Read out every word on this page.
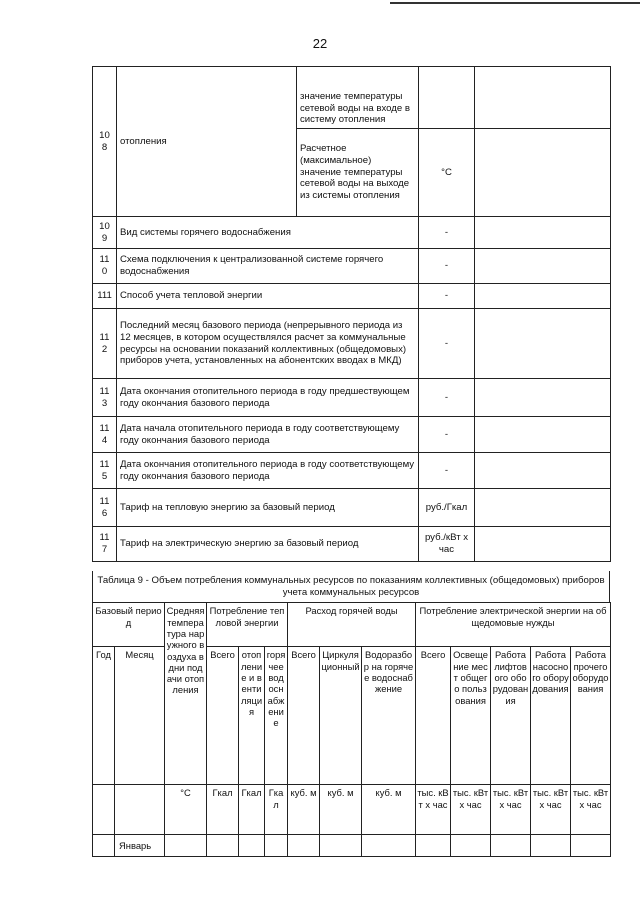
22
10 8	отопления	значение температуры сетевой воды на входе в систему отопления		
		Расчетное (максимальное) значение температуры сетевой воды на выходе из системы отопления	°С	
10 9	Вид системы горячего водоснабжения		-	
11 0	Схема подключения к централизованной системе горячего водоснабжения		-	
111	Способ учета тепловой энергии		-	
11 2	Последний месяц базового периода (непрерывного периода из 12 месяцев, в котором осуществлялся расчет за коммунальные ресурсы на основании показаний коллективных (общедомовых) приборов учета, установленных на абонентских вводах в МКД)		-	
11 3	Дата окончания отопительного периода в году предшествующем году окончания базового периода		-	
11 4	Дата начала отопительного периода в году соответствующему году окончания базового периода		-	
11 5	Дата окончания отопительного периода в году соответствующему году окончания базового периода		-	
11 6	Тариф на тепловую энергию за базовый период		руб./Гкал	
11 7	Тариф на электрическую энергию за базовый период		руб./кВт х час	
Таблица 9 - Объем потребления коммунальных ресурсов по показаниям коллективных (общедомовых) приборов учета коммунальных ресурсов
Базовый период		Средняя температура наружного воздуха в дни подачи отопления	Потребление тепловой энергии			Расход горячей воды			Потребление электрической энергии на общедомовые нужды				
Год	Месяц		Всего	отопление и вентиляция	горячее водоснабжение	Всего	Циркуляционный	Водоразбор на горячее водоснабжение	Всего	Освещение мест общего пользования	Работа лифтового оборудования	Работа насосного оборудования	Работа прочего оборудования
		°С	Гкал	Гкал	Гкал	куб. м	куб. м	куб. м	тыс. кВт х час	тыс. кВт х час	тыс. кВт х час	тыс. кВт х час	тыс. кВт х час
	Январь												
